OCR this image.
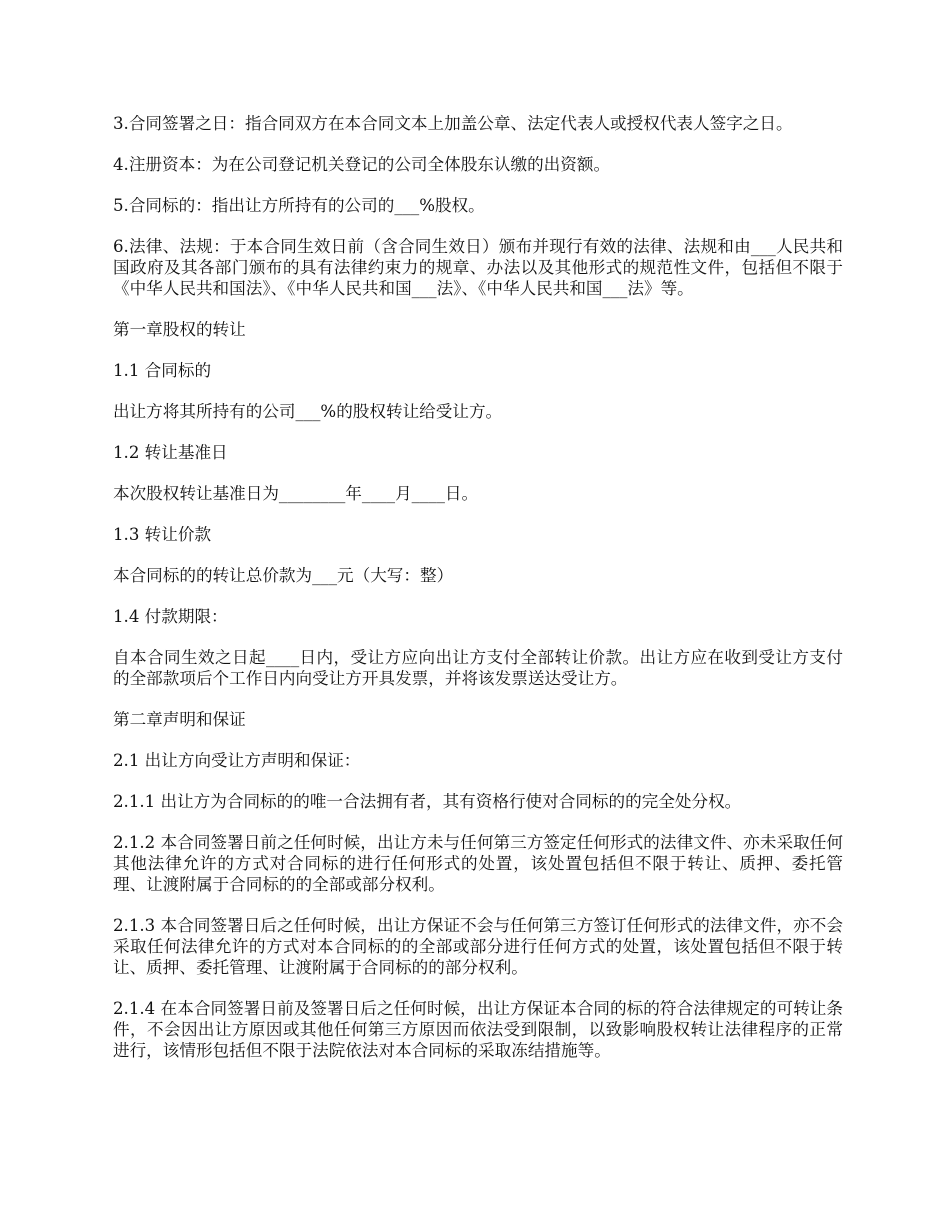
3.合同签署之日：指合同双方在本合同文本上加盖公章、法定代表人或授权代表人签字之日。

4.注册资本：为在公司登记机关登记的公司全体股东认缴的出资额。

5.合同标的：指出让方所持有的公司的___%股权。

6.法律、法规：于本合同生效日前（含合同生效日）颁布并现行有效的法律、法规和由___人民共和国政府及其各部门颁布的具有法律约束力的规章、办法以及其他形式的规范性文件，包括但不限于《中华人民共和国法》、《中华人民共和国___法》、《中华人民共和国___法》等。

第一章股权的转让

1.1 合同标的

出让方将其所持有的公司___%的股权转让给受让方。

1.2 转让基准日

本次股权转让基准日为________年____月____日。

1.3 转让价款

本合同标的的转让总价款为___元（大写：整）

1.4 付款期限：

自本合同生效之日起____日内，受让方应向出让方支付全部转让价款。出让方应在收到受让方支付的全部款项后个工作日内向受让方开具发票，并将该发票送达受让方。

第二章声明和保证

2.1 出让方向受让方声明和保证：

2.1.1 出让方为合同标的的唯一合法拥有者，其有资格行使对合同标的的完全处分权。

2.1.2 本合同签署日前之任何时候，出让方未与任何第三方签定任何形式的法律文件、亦未采取任何其他法律允许的方式对合同标的进行任何形式的处置，该处置包括但不限于转让、质押、委托管理、让渡附属于合同标的的全部或部分权利。

2.1.3 本合同签署日后之任何时候，出让方保证不会与任何第三方签订任何形式的法律文件，亦不会采取任何法律允许的方式对本合同标的的全部或部分进行任何方式的处置，该处置包括但不限于转让、质押、委托管理、让渡附属于合同标的的部分权利。

2.1.4 在本合同签署日前及签署日后之任何时候，出让方保证本合同的标的符合法律规定的可转让条件，不会因出让方原因或其他任何第三方原因而依法受到限制，以致影响股权转让法律程序的正常进行，该情形包括但不限于法院依法对本合同标的采取冻结措施等。
